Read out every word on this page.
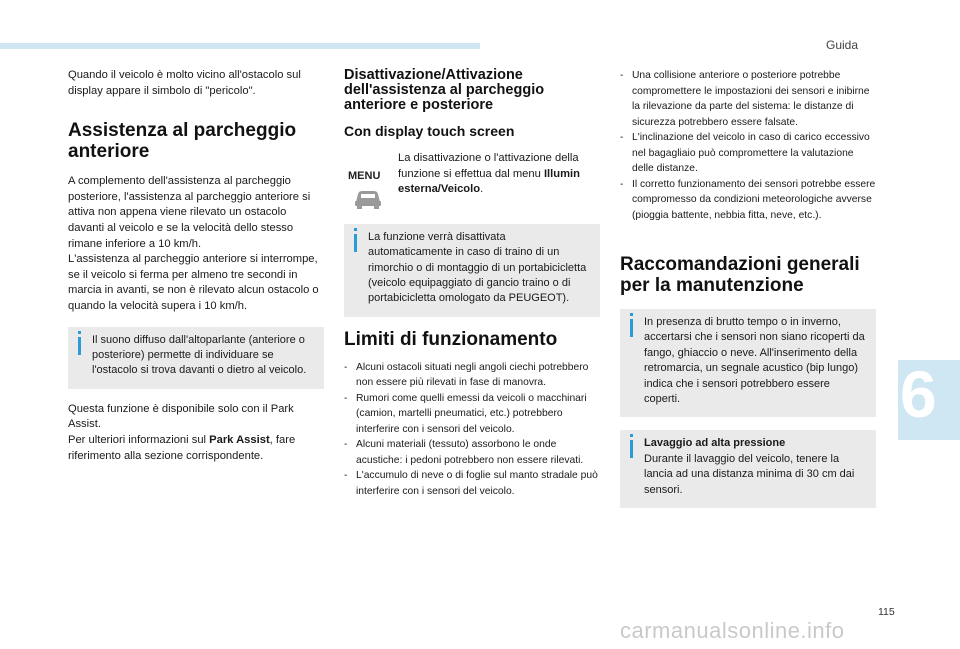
Guida

Quando il veicolo è molto vicino all'ostacolo sul display appare il simbolo di "pericolo".

Assistenza al parcheggio anteriore

A complemento dell'assistenza al parcheggio posteriore, l'assistenza al parcheggio anteriore si attiva non appena viene rilevato un ostacolo davanti al veicolo e se la velocità dello stesso rimane inferiore a 10 km/h.

L'assistenza al parcheggio anteriore si interrompe, se il veicolo si ferma per almeno tre secondi in marcia in avanti, se non è rilevato alcun ostacolo o quando la velocità supera i 10 km/h.

Il suono diffuso dall'altoparlante (anteriore o posteriore) permette di individuare se l'ostacolo si trova davanti o dietro al veicolo.

Questa funzione è disponibile solo con il Park Assist.

Per ulteriori informazioni sul Park Assist, fare riferimento alla sezione corrispondente.

Disattivazione/Attivazione dell'assistenza al parcheggio anteriore e posteriore
Con display touch screen

La disattivazione o l'attivazione della funzione si effettua dal menu Illumin esterna/Veicolo.

La funzione verrà disattivata automaticamente in caso di traino di un rimorchio o di montaggio di un portabicicletta (veicolo equipaggiato di gancio traino o di portabicicletta omologato da PEUGEOT).
Limiti di funzionamento
- Alcuni ostacoli situati negli angoli ciechi potrebbero non essere più rilevati in fase di manovra.
- Rumori come quelli emessi da veicoli o macchinari (camion, martelli pneumatici, etc.) potrebbero interferire con i sensori del veicolo.
- Alcuni materiali (tessuto) assorbono le onde acustiche: i pedoni potrebbero non essere rilevati.
- L'accumulo di neve o di foglie sul manto stradale può interferire con i sensori del veicolo.
MENU
- Una collisione anteriore o posteriore potrebbe compromettere le impostazioni dei sensori e inibirne la rilevazione da parte del sistema: le distanze di sicurezza potrebbero essere falsate.
- L'inclinazione del veicolo in caso di carico eccessivo nel bagagliaio può compromettere la valutazione delle distanze.
- Il corretto funzionamento dei sensori potrebbe essere compromesso da condizioni meteorologiche avverse (pioggia battente, nebbia fitta, neve, etc.).
Raccomandazioni generali per la manutenzione
In presenza di brutto tempo o in inverno, accertarsi che i sensori non siano ricoperti da fango, ghiaccio o neve. All'inserimento della retromarcia, un segnale acustico (bip lungo) indica che i sensori potrebbero essere coperti.
Lavaggio ad alta pressione
Durante il lavaggio del veicolo, tenere la lancia ad una distanza minima di 30 cm dai sensori.
6
115
carmanualsonline.info
